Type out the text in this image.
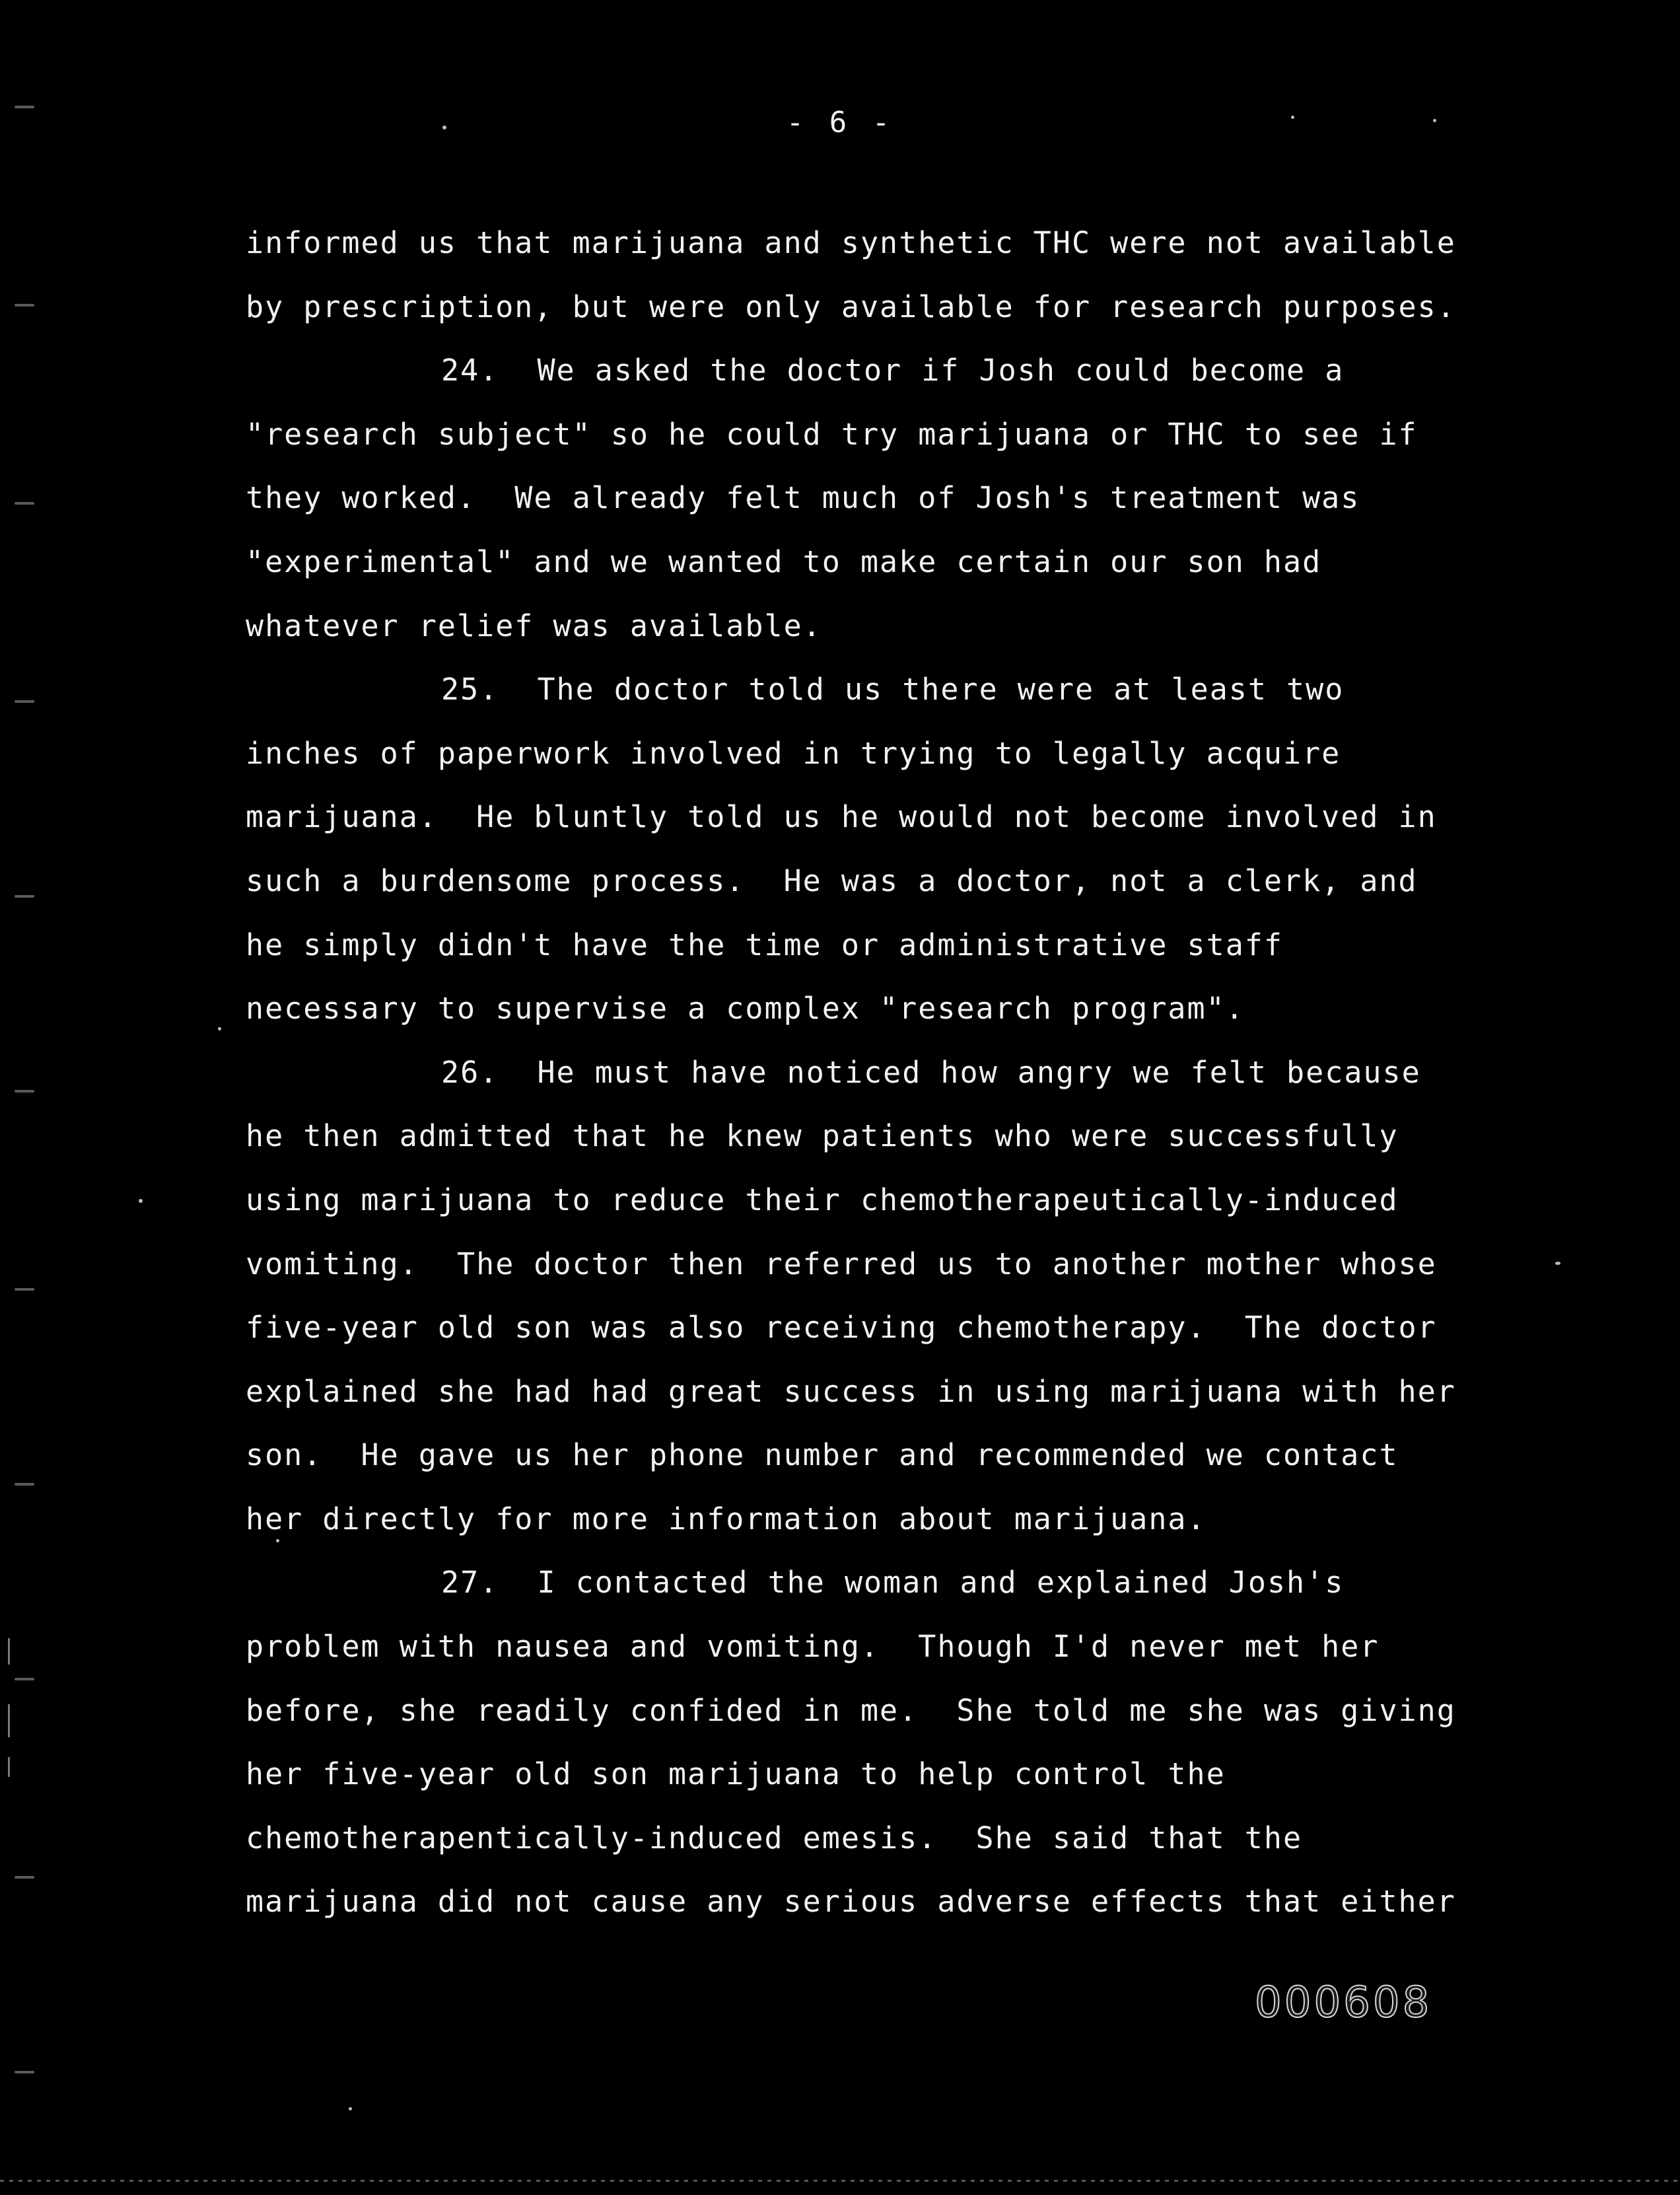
- 6 -
informed us that marijuana and synthetic THC were not available
by prescription, but were only available for research purposes.
24.  We asked the doctor if Josh could become a
"research subject" so he could try marijuana or THC to see if
they worked.  We already felt much of Josh's treatment was
"experimental" and we wanted to make certain our son had
whatever relief was available.
25.  The doctor told us there were at least two
inches of paperwork involved in trying to legally acquire
marijuana.  He bluntly told us he would not become involved in
such a burdensome process.  He was a doctor, not a clerk, and
he simply didn't have the time or administrative staff
necessary to supervise a complex "research program".
26.  He must have noticed how angry we felt because
he then admitted that he knew patients who were successfully
using marijuana to reduce their chemotherapeutically-induced
vomiting.  The doctor then referred us to another mother whose
five-year old son was also receiving chemotherapy.  The doctor
explained she had had great success in using marijuana with her
son.  He gave us her phone number and recommended we contact
her directly for more information about marijuana.
27.  I contacted the woman and explained Josh's
problem with nausea and vomiting.  Though I'd never met her
before, she readily confided in me.  She told me she was giving
her five-year old son marijuana to help control the
chemotherapentically-induced emesis.  She said that the
marijuana did not cause any serious adverse effects that either
000608
